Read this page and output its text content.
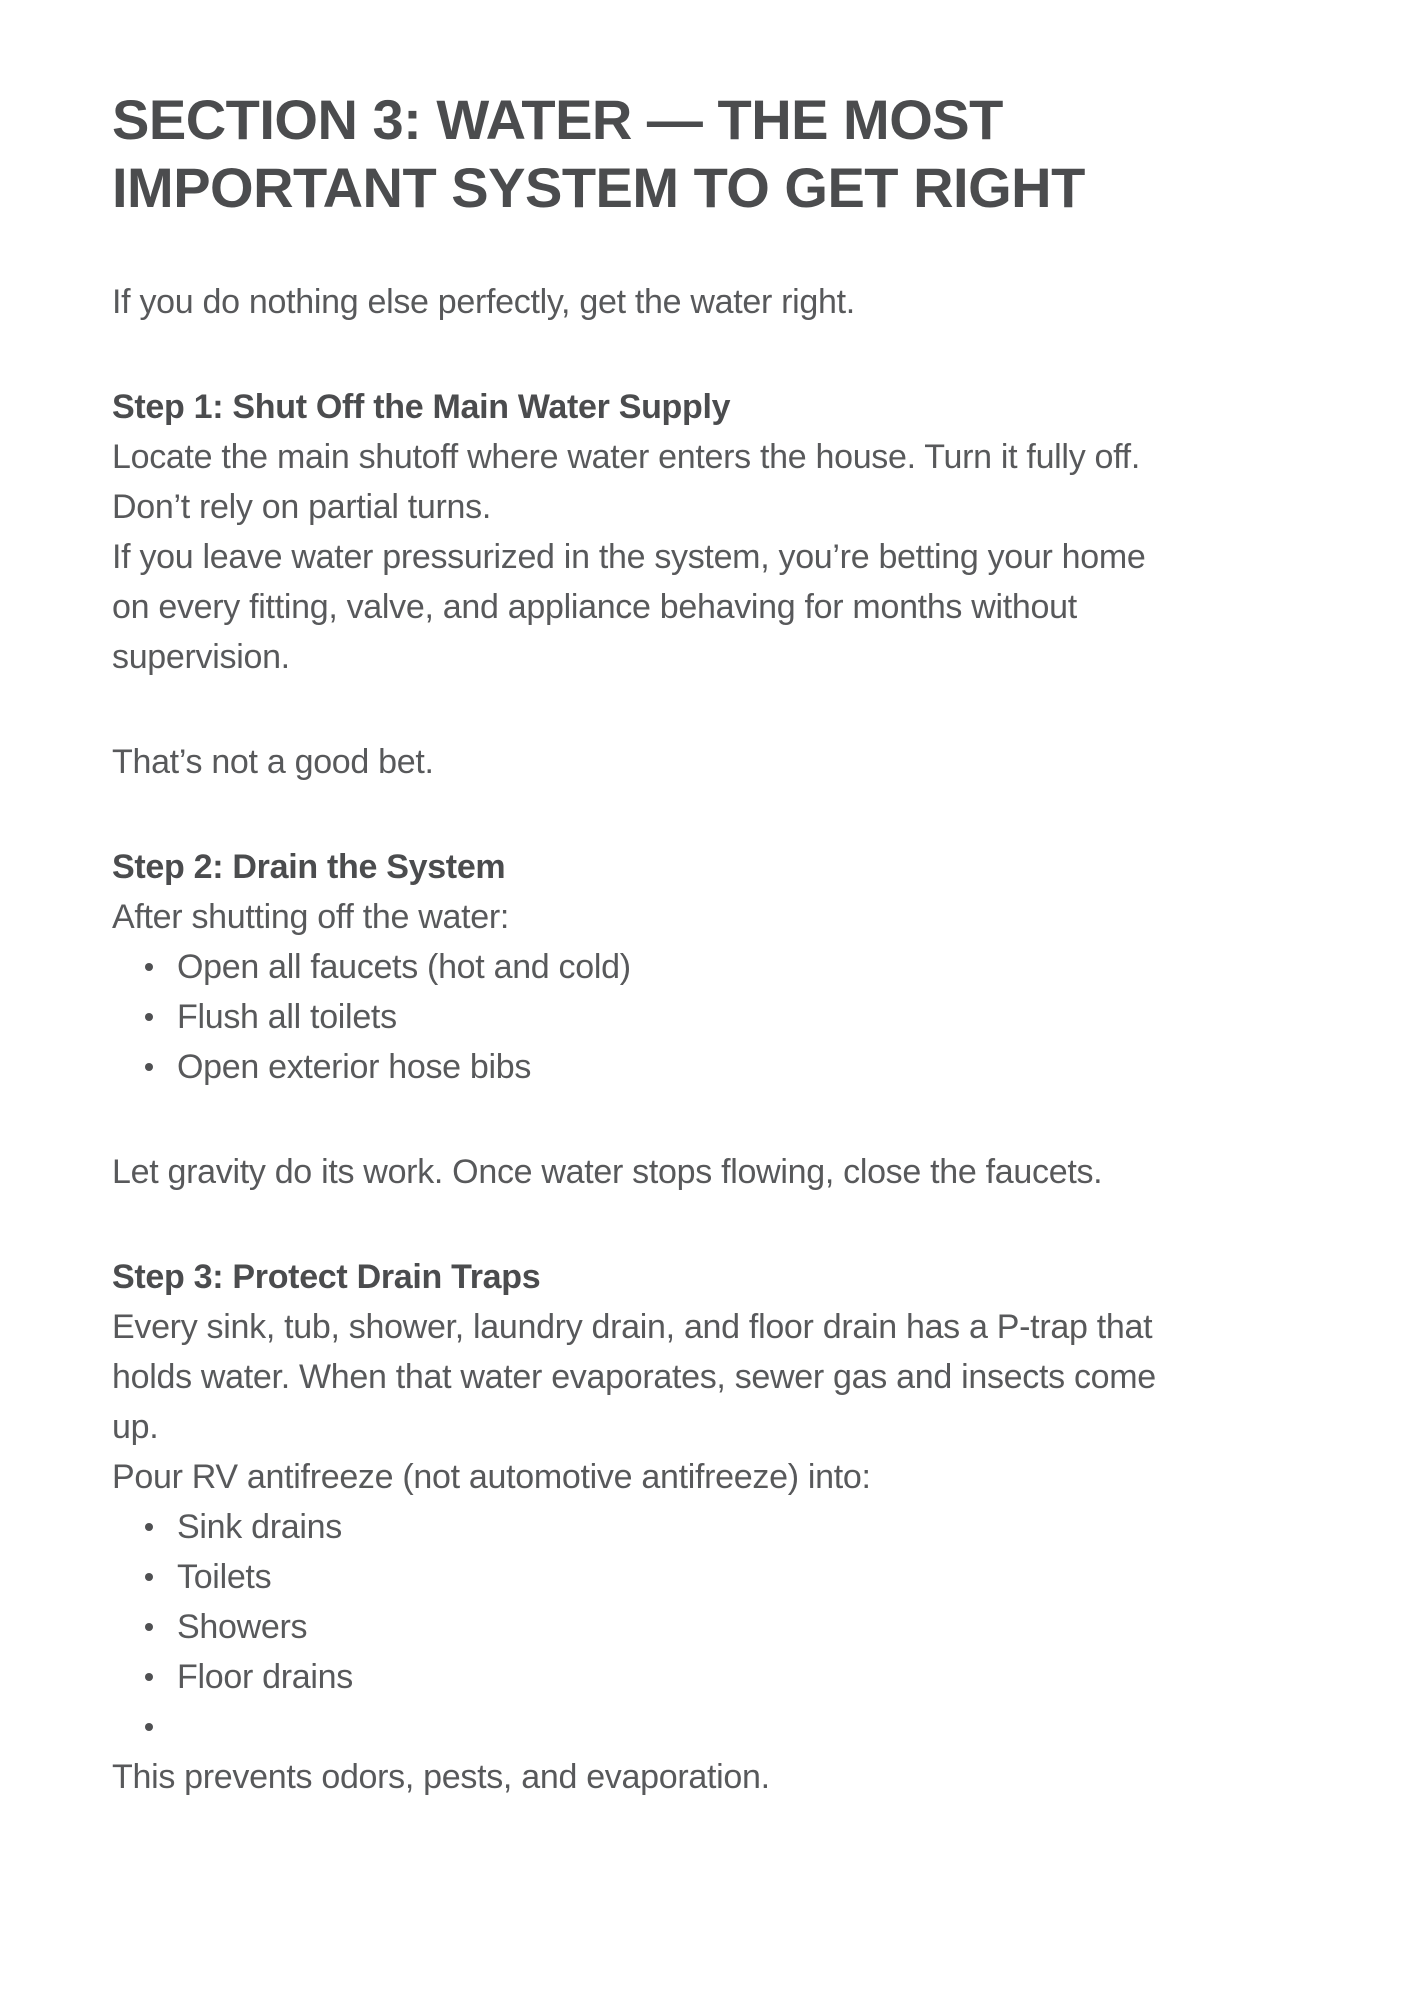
SECTION 3: WATER — THE MOST
IMPORTANT SYSTEM TO GET RIGHT
If you do nothing else perfectly, get the water right.
Step 1: Shut Off the Main Water Supply
Locate the main shutoff where water enters the house. Turn it fully off.
Don’t rely on partial turns.
If you leave water pressurized in the system, you’re betting your home
on every fitting, valve, and appliance behaving for months without
supervision.
That’s not a good bet.
Step 2: Drain the System
After shutting off the water:
Open all faucets (hot and cold)
Flush all toilets
Open exterior hose bibs
Let gravity do its work. Once water stops flowing, close the faucets.
Step 3: Protect Drain Traps
Every sink, tub, shower, laundry drain, and floor drain has a P-trap that
holds water. When that water evaporates, sewer gas and insects come
up.
Pour RV antifreeze (not automotive antifreeze) into:
Sink drains
Toilets
Showers
Floor drains
This prevents odors, pests, and evaporation.
